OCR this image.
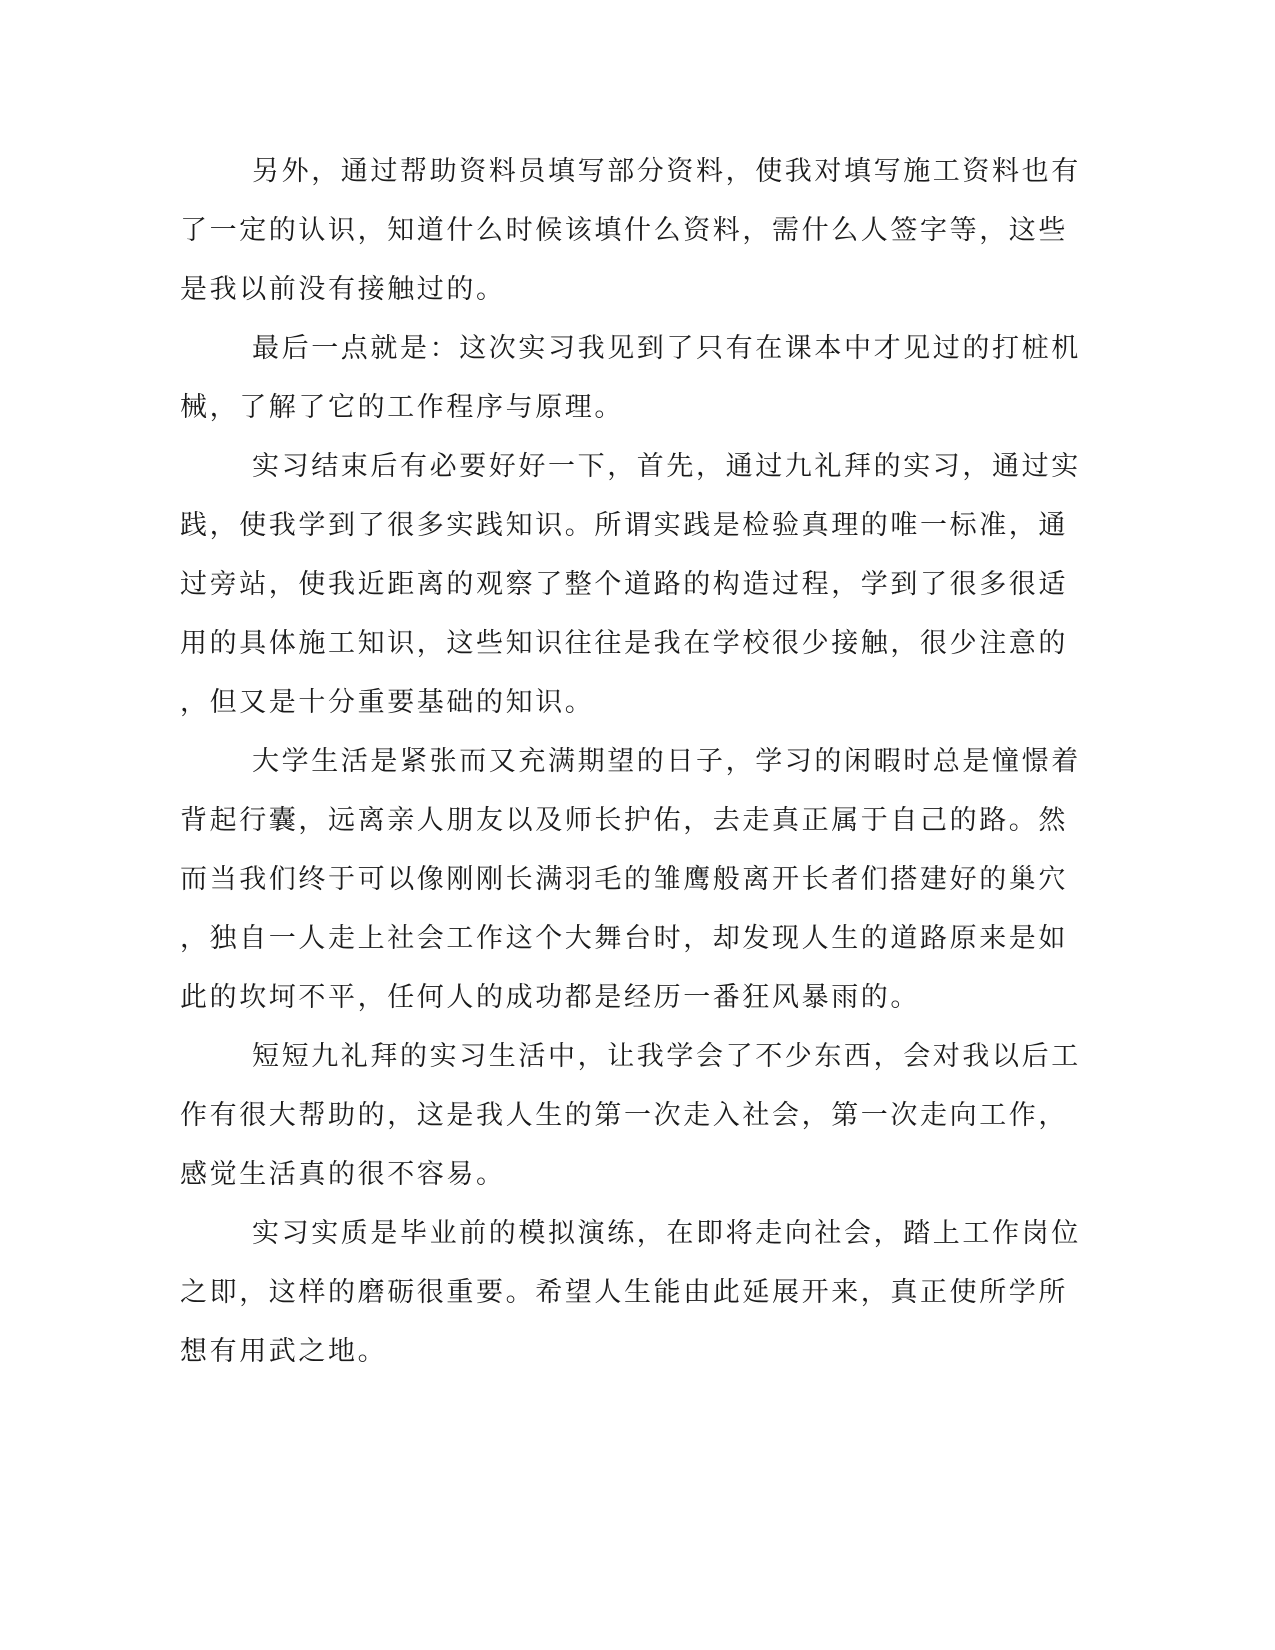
另外，通过帮助资料员填写部分资料，使我对填写施工资料也有
了一定的认识，知道什么时候该填什么资料，需什么人签字等，这些
是我以前没有接触过的。
最后一点就是：这次实习我见到了只有在课本中才见过的打桩机
械，了解了它的工作程序与原理。
实习结束后有必要好好一下，首先，通过九礼拜的实习，通过实
践，使我学到了很多实践知识。所谓实践是检验真理的唯一标准，通
过旁站，使我近距离的观察了整个道路的构造过程，学到了很多很适
用的具体施工知识，这些知识往往是我在学校很少接触，很少注意的
，但又是十分重要基础的知识。
大学生活是紧张而又充满期望的日子，学习的闲暇时总是憧憬着
背起行囊，远离亲人朋友以及师长护佑，去走真正属于自己的路。然
而当我们终于可以像刚刚长满羽毛的雏鹰般离开长者们搭建好的巢穴
，独自一人走上社会工作这个大舞台时，却发现人生的道路原来是如
此的坎坷不平，任何人的成功都是经历一番狂风暴雨的。
短短九礼拜的实习生活中，让我学会了不少东西，会对我以后工
作有很大帮助的，这是我人生的第一次走入社会，第一次走向工作，
感觉生活真的很不容易。
实习实质是毕业前的模拟演练，在即将走向社会，踏上工作岗位
之即，这样的磨砺很重要。希望人生能由此延展开来，真正使所学所
想有用武之地。
